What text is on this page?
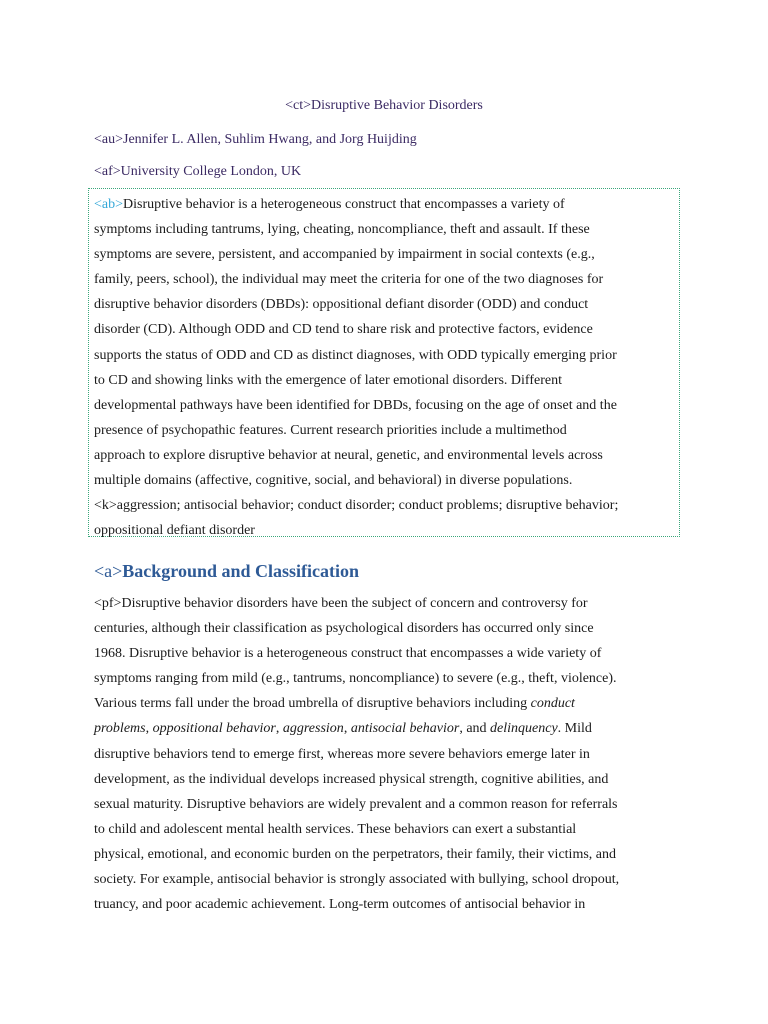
<ct>Disruptive Behavior Disorders
<au>Jennifer L. Allen, Suhlim Hwang, and Jorg Huijding
<af>University College London, UK
<ab>Disruptive behavior is a heterogeneous construct that encompasses a variety of
symptoms including tantrums, lying, cheating, noncompliance, theft and assault. If these
symptoms are severe, persistent, and accompanied by impairment in social contexts (e.g.,
family, peers, school), the individual may meet the criteria for one of the two diagnoses for
disruptive behavior disorders (DBDs): oppositional defiant disorder (ODD) and conduct
disorder (CD). Although ODD and CD tend to share risk and protective factors, evidence
supports the status of ODD and CD as distinct diagnoses, with ODD typically emerging prior
to CD and showing links with the emergence of later emotional disorders. Different
developmental pathways have been identified for DBDs, focusing on the age of onset and the
presence of psychopathic features. Current research priorities include a multimethod
approach to explore disruptive behavior at neural, genetic, and environmental levels across
multiple domains (affective, cognitive, social, and behavioral) in diverse populations.
<k>aggression; antisocial behavior; conduct disorder; conduct problems; disruptive behavior;
oppositional defiant disorder
<a>Background and Classification
<pf>Disruptive behavior disorders have been the subject of concern and controversy for
centuries, although their classification as psychological disorders has occurred only since
1968. Disruptive behavior is a heterogeneous construct that encompasses a wide variety of
symptoms ranging from mild (e.g., tantrums, noncompliance) to severe (e.g., theft, violence).
Various terms fall under the broad umbrella of disruptive behaviors including conduct
problems, oppositional behavior, aggression, antisocial behavior, and delinquency. Mild
disruptive behaviors tend to emerge first, whereas more severe behaviors emerge later in
development, as the individual develops increased physical strength, cognitive abilities, and
sexual maturity. Disruptive behaviors are widely prevalent and a common reason for referrals
to child and adolescent mental health services. These behaviors can exert a substantial
physical, emotional, and economic burden on the perpetrators, their family, their victims, and
society. For example, antisocial behavior is strongly associated with bullying, school dropout,
truancy, and poor academic achievement. Long-term outcomes of antisocial behavior in
